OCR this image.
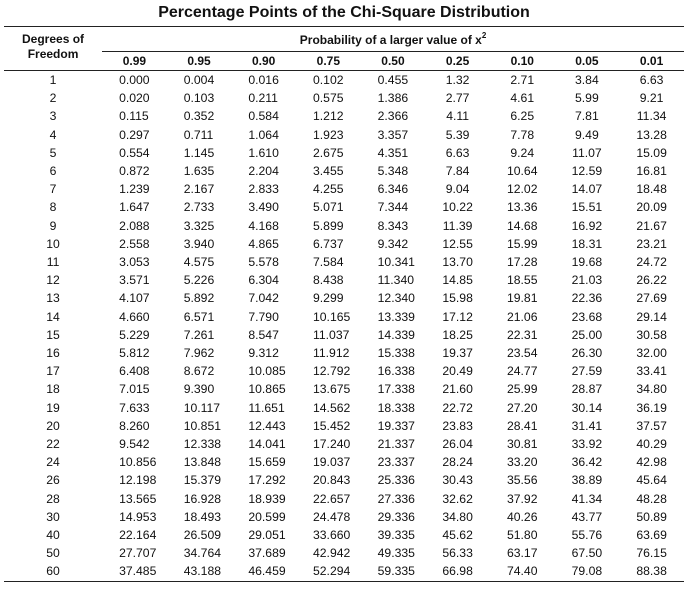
Percentage Points of the Chi-Square Distribution
Degrees of
Freedom	Probability of a larger value of $x^2$
	0.99	0.95	0.90	0.75	0.50	0.25	0.10	0.05	0.01
1	0.000	0.004	0.016	0.102	0.455	1.32	2.71	3.84	6.63
2	0.020	0.103	0.211	0.575	1.386	2.77	4.61	5.99	9.21
3	0.115	0.352	0.584	1.212	2.366	4.11	6.25	7.81	11.34
4	0.297	0.711	1.064	1.923	3.357	5.39	7.78	9.49	13.28
5	0.554	1.145	1.610	2.675	4.351	6.63	9.24	11.07	15.09
6	0.872	1.635	2.204	3.455	5.348	7.84	10.64	12.59	16.81
7	1.239	2.167	2.833	4.255	6.346	9.04	12.02	14.07	18.48
8	1.647	2.733	3.490	5.071	7.344	10.22	13.36	15.51	20.09
9	2.088	3.325	4.168	5.899	8.343	11.39	14.68	16.92	21.67
10	2.558	3.940	4.865	6.737	9.342	12.55	15.99	18.31	23.21
11	3.053	4.575	5.578	7.584	10.341	13.70	17.28	19.68	24.72
12	3.571	5.226	6.304	8.438	11.340	14.85	18.55	21.03	26.22
13	4.107	5.892	7.042	9.299	12.340	15.98	19.81	22.36	27.69
14	4.660	6.571	7.790	10.165	13.339	17.12	21.06	23.68	29.14
15	5.229	7.261	8.547	11.037	14.339	18.25	22.31	25.00	30.58
16	5.812	7.962	9.312	11.912	15.338	19.37	23.54	26.30	32.00
17	6.408	8.672	10.085	12.792	16.338	20.49	24.77	27.59	33.41
18	7.015	9.390	10.865	13.675	17.338	21.60	25.99	28.87	34.80
19	7.633	10.117	11.651	14.562	18.338	22.72	27.20	30.14	36.19
20	8.260	10.851	12.443	15.452	19.337	23.83	28.41	31.41	37.57
22	9.542	12.338	14.041	17.240	21.337	26.04	30.81	33.92	40.29
24	10.856	13.848	15.659	19.037	23.337	28.24	33.20	36.42	42.98
26	12.198	15.379	17.292	20.843	25.336	30.43	35.56	38.89	45.64
28	13.565	16.928	18.939	22.657	27.336	32.62	37.92	41.34	48.28
30	14.953	18.493	20.599	24.478	29.336	34.80	40.26	43.77	50.89
40	22.164	26.509	29.051	33.660	39.335	45.62	51.80	55.76	63.69
50	27.707	34.764	37.689	42.942	49.335	56.33	63.17	67.50	76.15
60	37.485	43.188	46.459	52.294	59.335	66.98	74.40	79.08	88.38
